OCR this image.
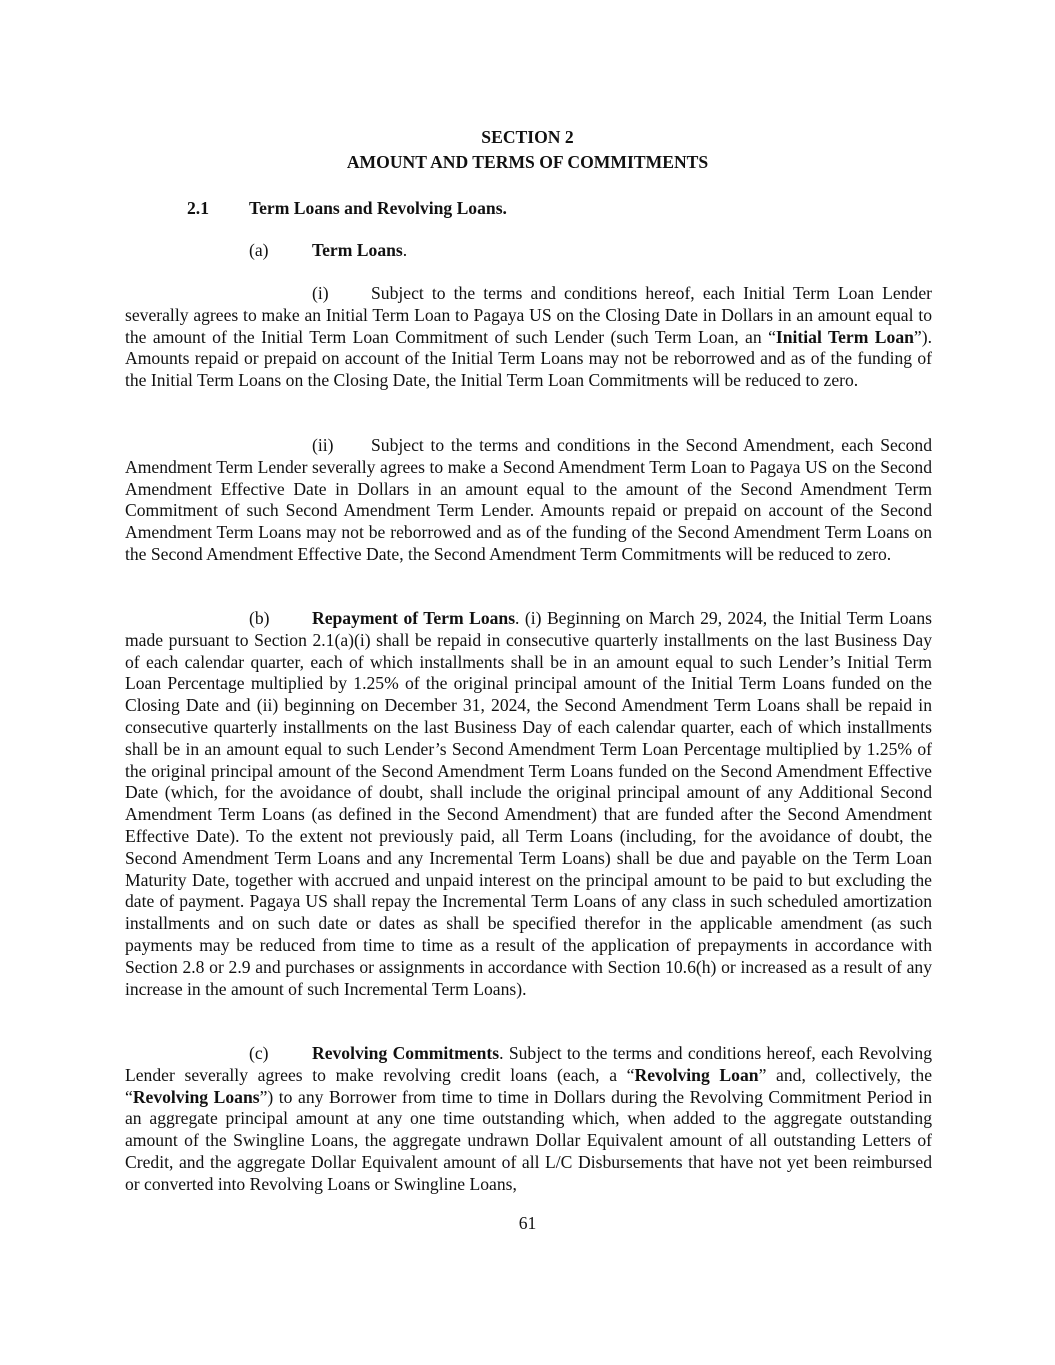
SECTION 2
AMOUNT AND TERMS OF COMMITMENTS
2.1 Term Loans and Revolving Loans.
(a) Term Loans.

(i) Subject to the terms and conditions hereof, each Initial Term Loan Lender severally agrees to make an Initial Term Loan to Pagaya US on the Closing Date in Dollars in an amount equal to the amount of the Initial Term Loan Commitment of such Lender (such Term Loan, an “Initial Term Loan”). Amounts repaid or prepaid on account of the Initial Term Loans may not be reborrowed and as of the funding of the Initial Term Loans on the Closing Date, the Initial Term Loan Commitments will be reduced to zero.

(ii) Subject to the terms and conditions in the Second Amendment, each Second Amendment Term Lender severally agrees to make a Second Amendment Term Loan to Pagaya US on the Second Amendment Effective Date in Dollars in an amount equal to the amount of the Second Amendment Term Commitment of such Second Amendment Term Lender. Amounts repaid or prepaid on account of the Second Amendment Term Loans may not be reborrowed and as of the funding of the Second Amendment Term Loans on the Second Amendment Effective Date, the Second Amendment Term Commitments will be reduced to zero.

(b) Repayment of Term Loans. (i) Beginning on March 29, 2024, the Initial Term Loans made pursuant to Section 2.1(a)(i) shall be repaid in consecutive quarterly installments on the last Business Day of each calendar quarter, each of which installments shall be in an amount equal to such Lender’s Initial Term Loan Percentage multiplied by 1.25% of the original principal amount of the Initial Term Loans funded on the Closing Date and (ii) beginning on December 31, 2024, the Second Amendment Term Loans shall be repaid in consecutive quarterly installments on the last Business Day of each calendar quarter, each of which installments shall be in an amount equal to such Lender’s Second Amendment Term Loan Percentage multiplied by 1.25% of the original principal amount of the Second Amendment Term Loans funded on the Second Amendment Effective Date (which, for the avoidance of doubt, shall include the original principal amount of any Additional Second Amendment Term Loans (as defined in the Second Amendment) that are funded after the Second Amendment Effective Date). To the extent not previously paid, all Term Loans (including, for the avoidance of doubt, the Second Amendment Term Loans and any Incremental Term Loans) shall be due and payable on the Term Loan Maturity Date, together with accrued and unpaid interest on the principal amount to be paid to but excluding the date of payment. Pagaya US shall repay the Incremental Term Loans of any class in such scheduled amortization installments and on such date or dates as shall be specified therefor in the applicable amendment (as such payments may be reduced from time to time as a result of the application of prepayments in accordance with Section 2.8 or 2.9 and purchases or assignments in accordance with Section 10.6(h) or increased as a result of any increase in the amount of such Incremental Term Loans).

(c) Revolving Commitments. Subject to the terms and conditions hereof, each Revolving Lender severally agrees to make revolving credit loans (each, a “Revolving Loan” and, collectively, the “Revolving Loans”) to any Borrower from time to time in Dollars during the Revolving Commitment Period in an aggregate principal amount at any one time outstanding which, when added to the aggregate outstanding amount of the Swingline Loans, the aggregate undrawn Dollar Equivalent amount of all outstanding Letters of Credit, and the aggregate Dollar Equivalent amount of all L/C Disbursements that have not yet been reimbursed or converted into Revolving Loans or Swingline Loans,

61
